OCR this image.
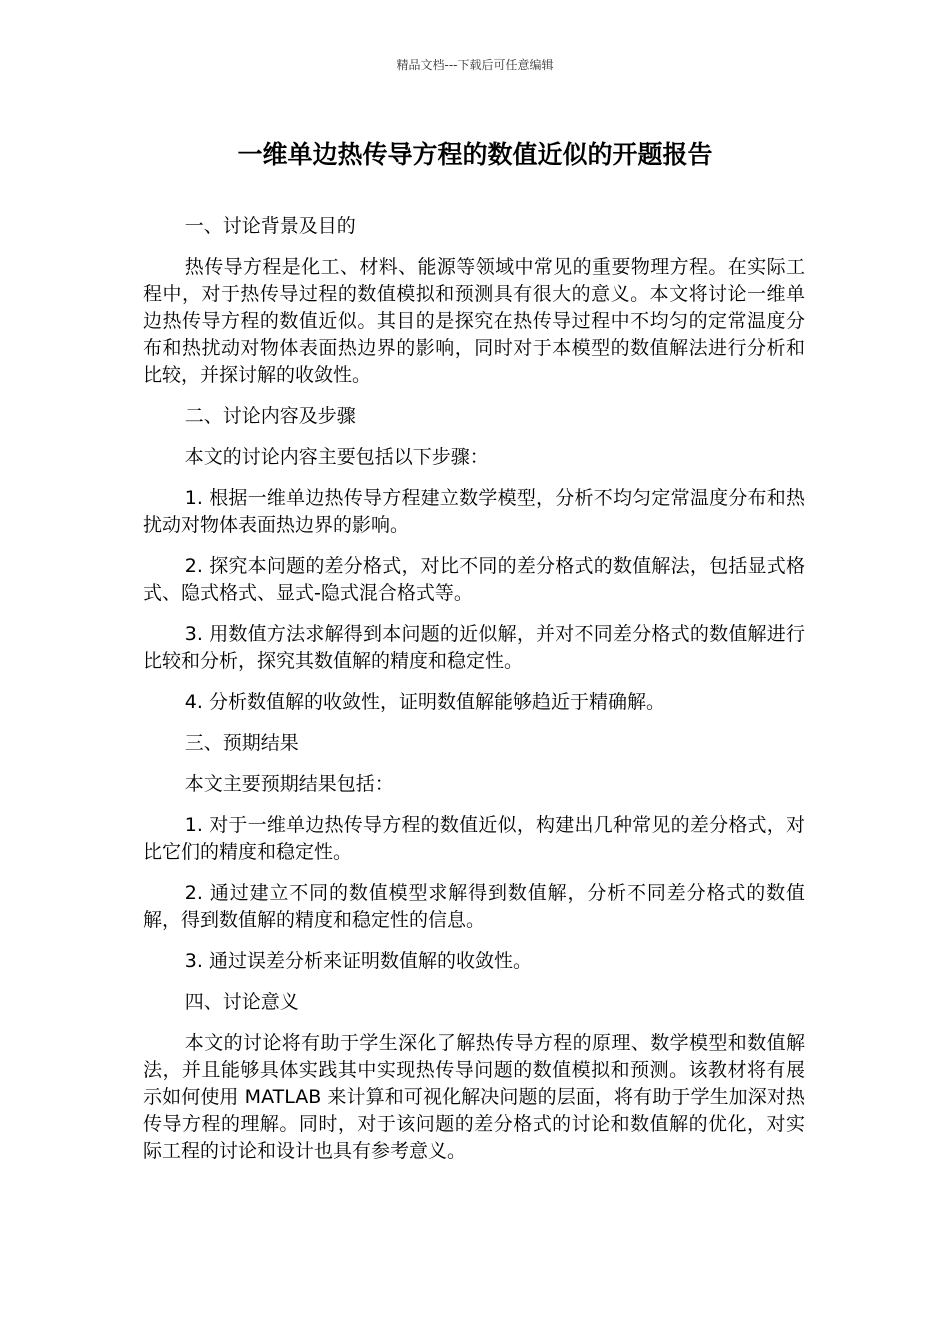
精品文档---下载后可任意编辑
一维单边热传导方程的数值近似的开题报告

一、讨论背景及目的

热传导方程是化工、材料、能源等领域中常见的重要物理方程。在实际工程中，对于热传导过程的数值模拟和预测具有很大的意义。本文将讨论一维单边热传导方程的数值近似。其目的是探究在热传导过程中不均匀的定常温度分布和热扰动对物体表面热边界的影响，同时对于本模型的数值解法进行分析和比较，并探讨解的收敛性。

二、讨论内容及步骤

本文的讨论内容主要包括以下步骤：

1. 根据一维单边热传导方程建立数学模型，分析不均匀定常温度分布和热扰动对物体表面热边界的影响。

2. 探究本问题的差分格式，对比不同的差分格式的数值解法，包括显式格式、隐式格式、显式-隐式混合格式等。

3. 用数值方法求解得到本问题的近似解，并对不同差分格式的数值解进行比较和分析，探究其数值解的精度和稳定性。

4. 分析数值解的收敛性，证明数值解能够趋近于精确解。

三、预期结果

本文主要预期结果包括：

1. 对于一维单边热传导方程的数值近似，构建出几种常见的差分格式，对比它们的精度和稳定性。

2. 通过建立不同的数值模型求解得到数值解，分析不同差分格式的数值解，得到数值解的精度和稳定性的信息。

3. 通过误差分析来证明数值解的收敛性。

四、讨论意义

本文的讨论将有助于学生深化了解热传导方程的原理、数学模型和数值解法，并且能够具体实践其中实现热传导问题的数值模拟和预测。该教材将有展示如何使用 MATLAB 来计算和可视化解决问题的层面，将有助于学生加深对热传导方程的理解。同时，对于该问题的差分格式的讨论和数值解的优化，对实际工程的讨论和设计也具有参考意义。
